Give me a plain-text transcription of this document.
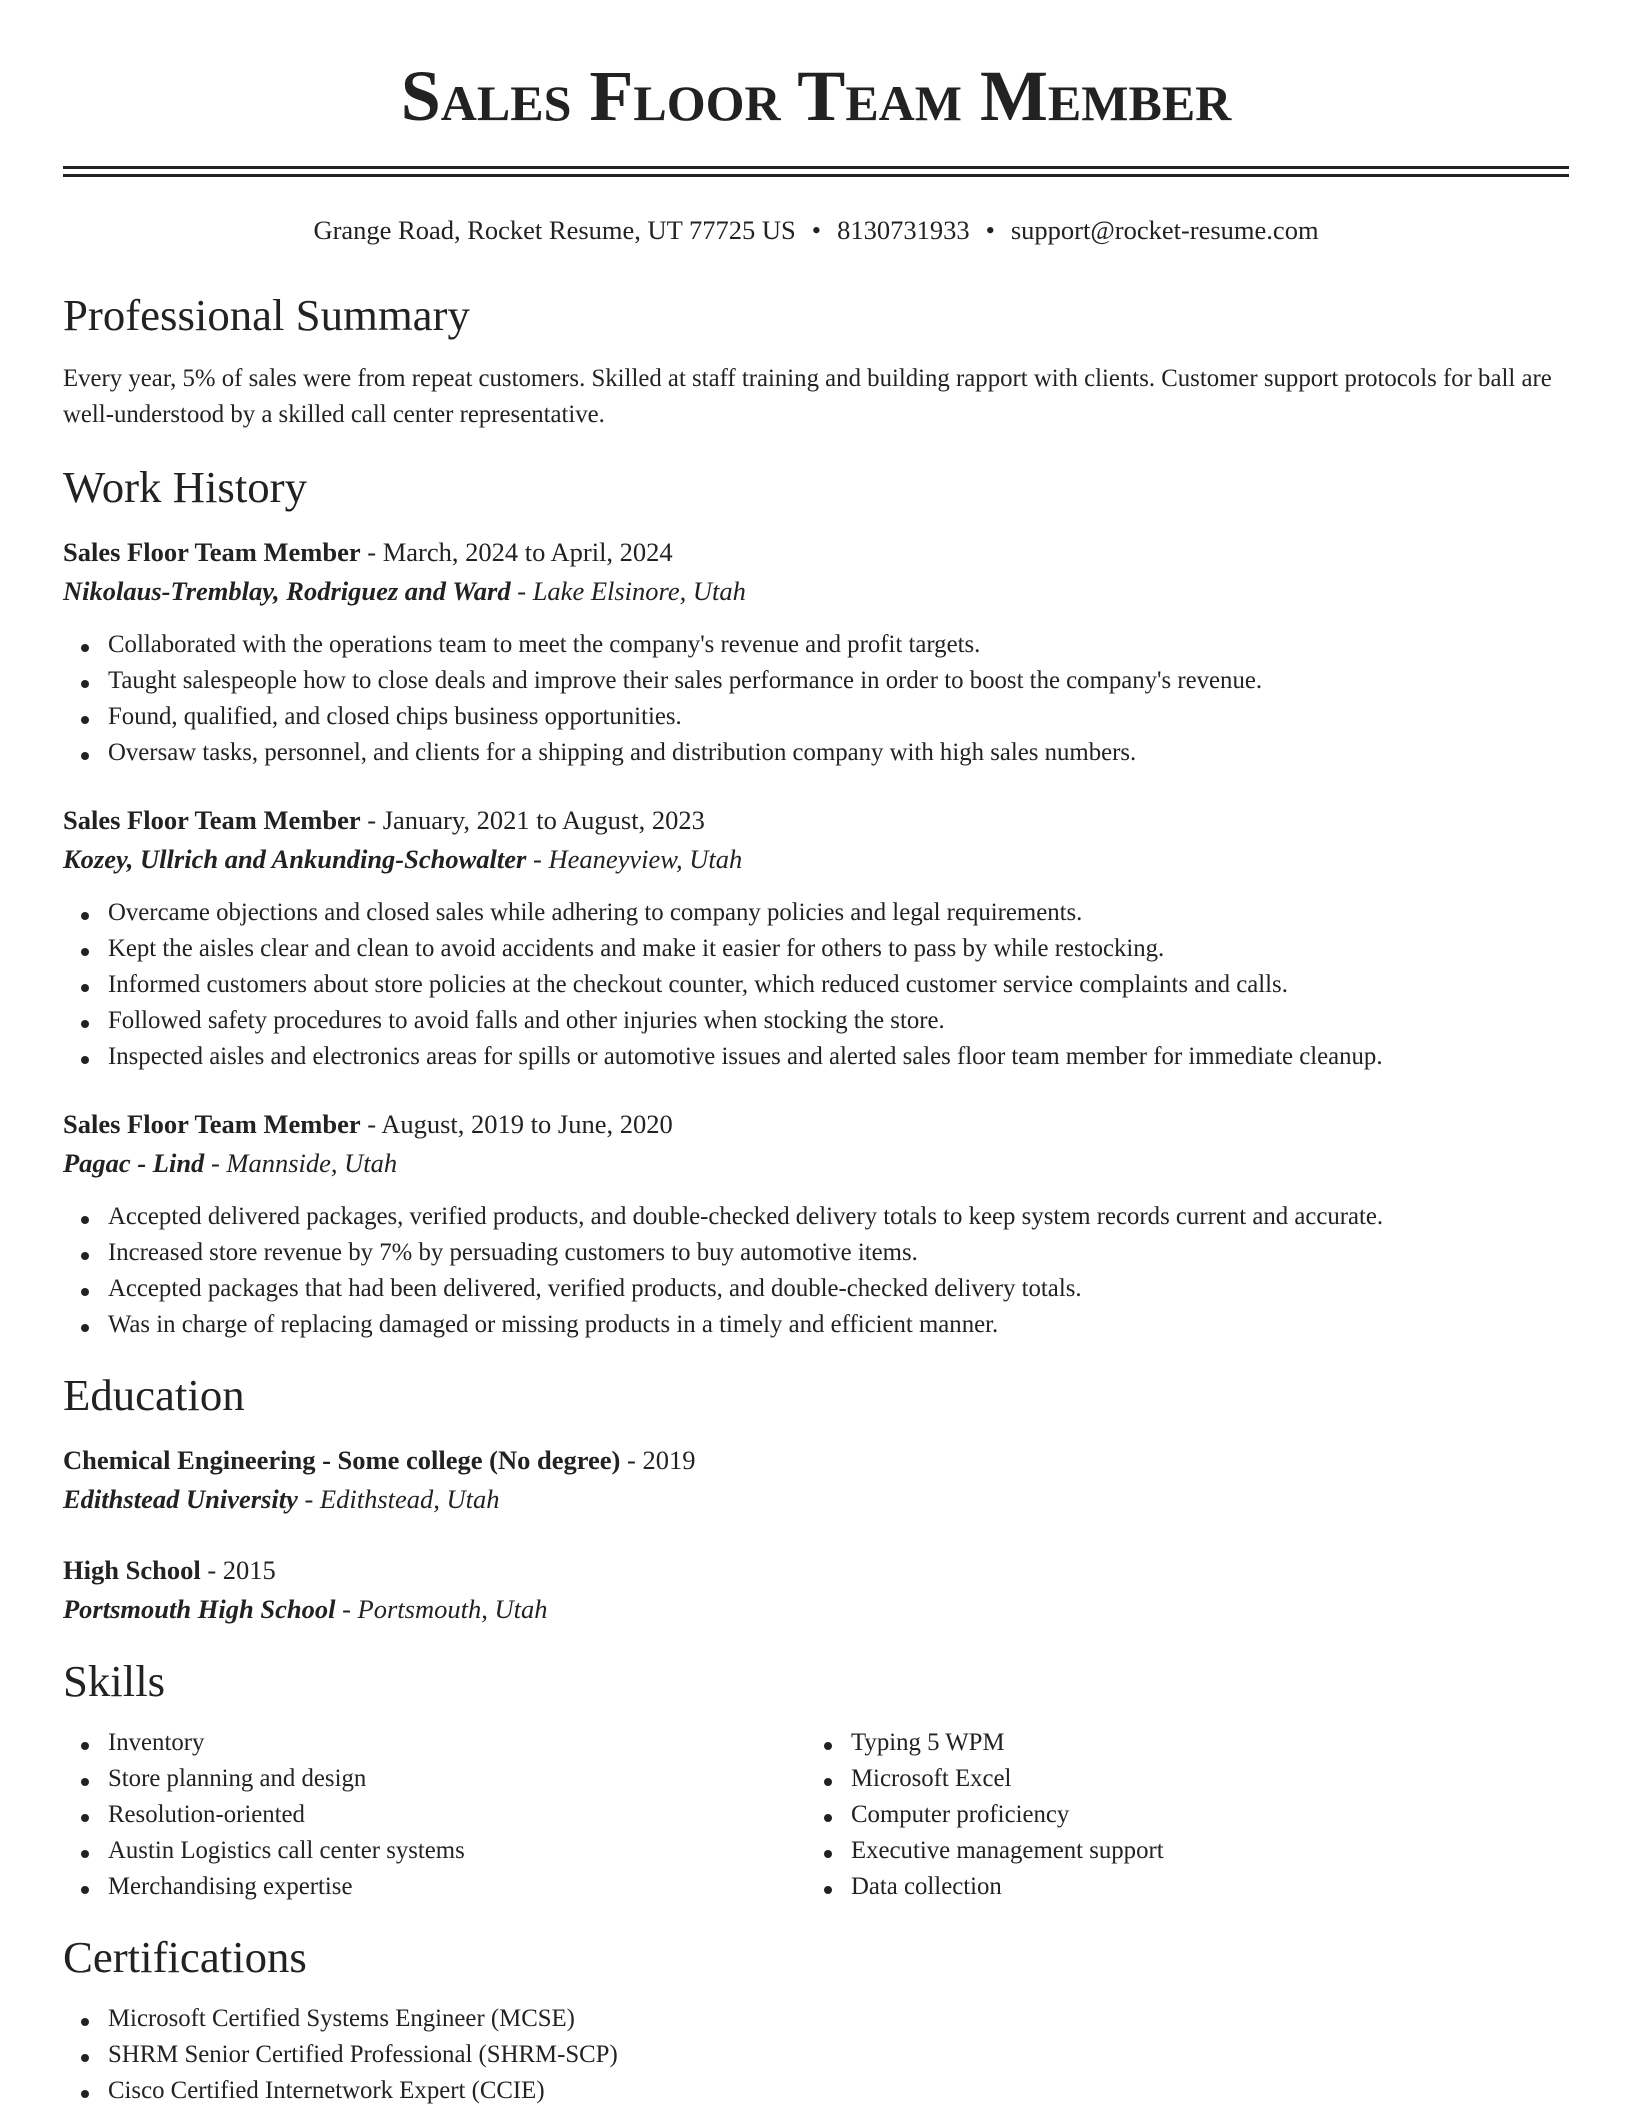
Sales Floor Team Member
Grange Road, Rocket Resume, UT 77725 US • 8130731933 • support@rocket-resume.com
Professional Summary

Every year, 5% of sales were from repeat customers. Skilled at staff training and building rapport with clients. Customer support protocols for ball are well-understood by a skilled call center representative.

Work History
Sales Floor Team Member - March, 2024 to April, 2024
Nikolaus-Tremblay, Rodriguez and Ward - Lake Elsinore, Utah
Collaborated with the operations team to meet the company's revenue and profit targets.
Taught salespeople how to close deals and improve their sales performance in order to boost the company's revenue.
Found, qualified, and closed chips business opportunities.
Oversaw tasks, personnel, and clients for a shipping and distribution company with high sales numbers.
Sales Floor Team Member - January, 2021 to August, 2023
Kozey, Ullrich and Ankunding-Schowalter - Heaneyview, Utah
Overcame objections and closed sales while adhering to company policies and legal requirements.
Kept the aisles clear and clean to avoid accidents and make it easier for others to pass by while restocking.
Informed customers about store policies at the checkout counter, which reduced customer service complaints and calls.
Followed safety procedures to avoid falls and other injuries when stocking the store.
Inspected aisles and electronics areas for spills or automotive issues and alerted sales floor team member for immediate cleanup.
Sales Floor Team Member - August, 2019 to June, 2020
Pagac - Lind - Mannside, Utah
Accepted delivered packages, verified products, and double-checked delivery totals to keep system records current and accurate.
Increased store revenue by 7% by persuading customers to buy automotive items.
Accepted packages that had been delivered, verified products, and double-checked delivery totals.
Was in charge of replacing damaged or missing products in a timely and efficient manner.
Education
Chemical Engineering - Some college (No degree) - 2019
Edithstead University - Edithstead, Utah
High School - 2015
Portsmouth High School - Portsmouth, Utah
Skills
Inventory
Store planning and design
Resolution-oriented
Austin Logistics call center systems
Merchandising expertise
Typing 5 WPM
Microsoft Excel
Computer proficiency
Executive management support
Data collection
Certifications
Microsoft Certified Systems Engineer (MCSE)
SHRM Senior Certified Professional (SHRM-SCP)
Cisco Certified Internetwork Expert (CCIE)
